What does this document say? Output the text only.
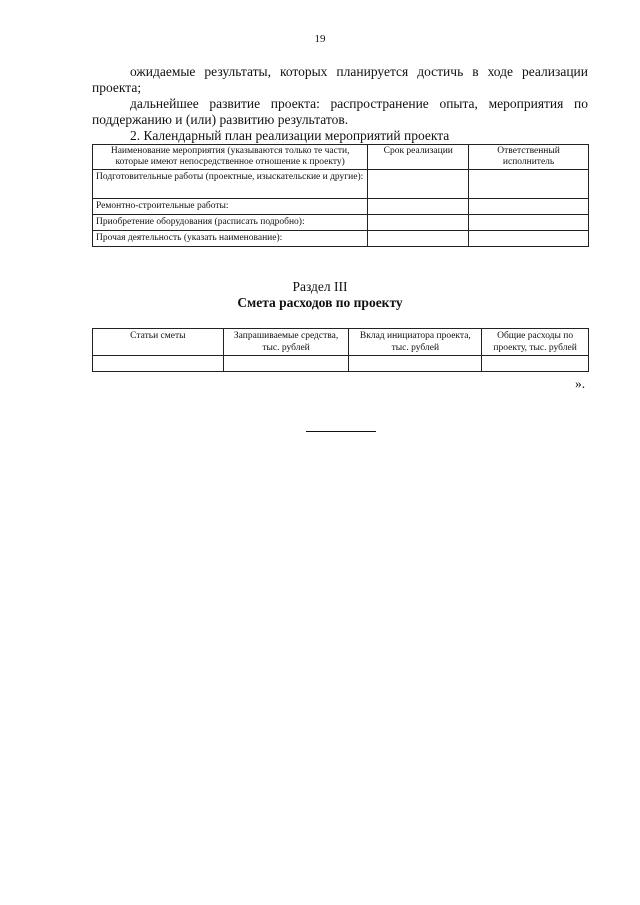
19
ожидаемые результаты, которых планируется достичь в ходе реализации проекта;
дальнейшее развитие проекта: распространение опыта, мероприятия по поддержанию и (или) развитию результатов.
2. Календарный план реализации мероприятий проекта
Наименование мероприятия (указываются только те части, которые имеют непосредственное отношение к проекту)	Срок реализации	Ответственный исполнитель
Подготовительные работы (проектные, изыскательские и другие):		
Ремонтно-строительные работы:		
Приобретение оборудования (расписать подробно):		
Прочая деятельность (указать наименование):		
Раздел III
Смета расходов по проекту
Статьи сметы	Запрашиваемые средства, тыс. рублей	Вклад инициатора проекта, тыс. рублей	Общие расходы по проекту, тыс. рублей

».
